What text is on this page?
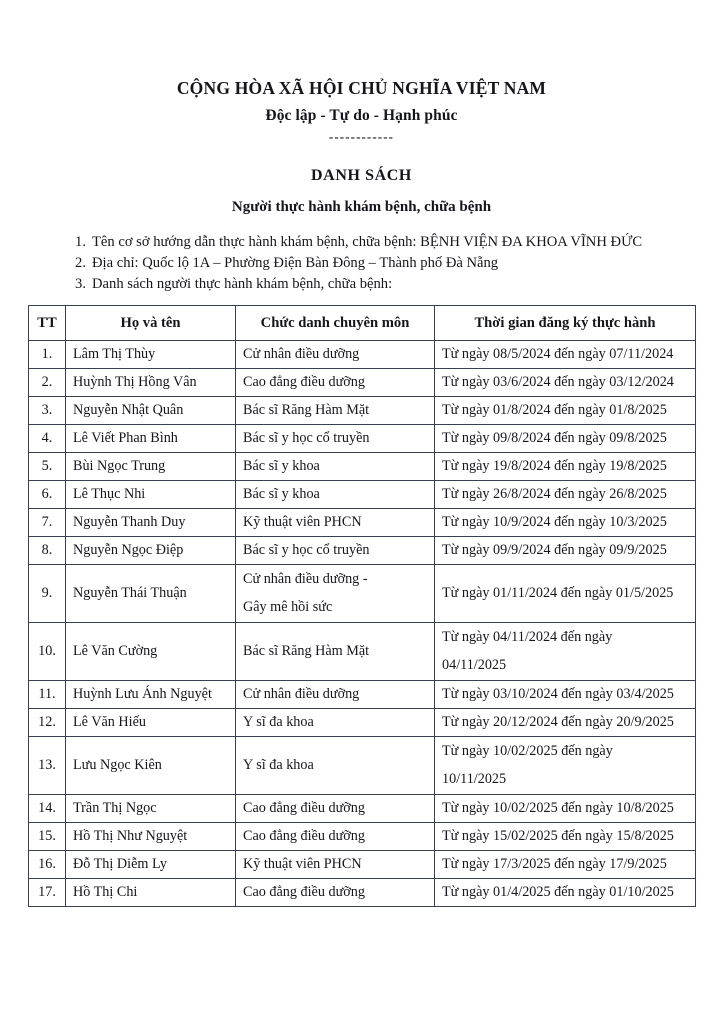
CỘNG HÒA XÃ HỘI CHỦ NGHĨA VIỆT NAM
Độc lập - Tự do - Hạnh phúc
------------
DANH SÁCH
Người thực hành khám bệnh, chữa bệnh
1. Tên cơ sở hướng dẫn thực hành khám bệnh, chữa bệnh: BỆNH VIỆN ĐA KHOA VĨNH ĐỨC
2. Địa chỉ: Quốc lộ 1A – Phường Điện Bàn Đông – Thành phố Đà Nẵng
3. Danh sách người thực hành khám bệnh, chữa bệnh:
TT	Họ và tên	Chức danh chuyên môn	Thời gian đăng ký thực hành
1.	Lâm Thị Thùy	Cử nhân điều dưỡng	Từ ngày 08/5/2024 đến ngày 07/11/2024

2.	Huỳnh Thị Hồng Vân	Cao đẳng điều dưỡng	Từ ngày 03/6/2024 đến ngày 03/12/2024

3.	Nguyễn Nhật Quân	Bác sĩ Răng Hàm Mặt	Từ ngày 01/8/2024 đến ngày 01/8/2025

4.	Lê Viết Phan Bình	Bác sĩ y học cổ truyền	Từ ngày 09/8/2024 đến ngày 09/8/2025

5.	Bùi Ngọc Trung	Bác sĩ y khoa	Từ ngày 19/8/2024 đến ngày 19/8/2025

6.	Lê Thục Nhi	Bác sĩ y khoa	Từ ngày 26/8/2024 đến ngày 26/8/2025

7.	Nguyễn Thanh Duy	Kỹ thuật viên PHCN	Từ ngày 10/9/2024 đến ngày 10/3/2025

8.	Nguyễn Ngọc Điệp	Bác sĩ y học cổ truyền	Từ ngày 09/9/2024 đến ngày 09/9/2025

9.	Nguyễn Thái Thuận	Cử nhân điều dưỡng -
Gây mê hồi sức	Từ ngày 01/11/2024 đến ngày 01/5/2025

10.	Lê Văn Cường	Bác sĩ Răng Hàm Mặt	Từ ngày 04/11/2024 đến ngày
04/11/2025

11.	Huỳnh Lưu Ánh Nguyệt	Cử nhân điều dưỡng	Từ ngày 03/10/2024 đến ngày 03/4/2025

12.	Lê Văn Hiếu	Y sĩ đa khoa	Từ ngày 20/12/2024 đến ngày 20/9/2025

13.	Lưu Ngọc Kiên	Y sĩ đa khoa	Từ ngày 10/02/2025 đến ngày
10/11/2025

14.	Trần Thị Ngọc	Cao đẳng điều dưỡng	Từ ngày 10/02/2025 đến ngày 10/8/2025

15.	Hồ Thị Như Nguyệt	Cao đẳng điều dưỡng	Từ ngày 15/02/2025 đến ngày 15/8/2025

16.	Đỗ Thị Diễm Ly	Kỹ thuật viên PHCN	Từ ngày 17/3/2025 đến ngày 17/9/2025

17.	Hồ Thị Chi	Cao đẳng điều dưỡng	Từ ngày 01/4/2025 đến ngày 01/10/2025
